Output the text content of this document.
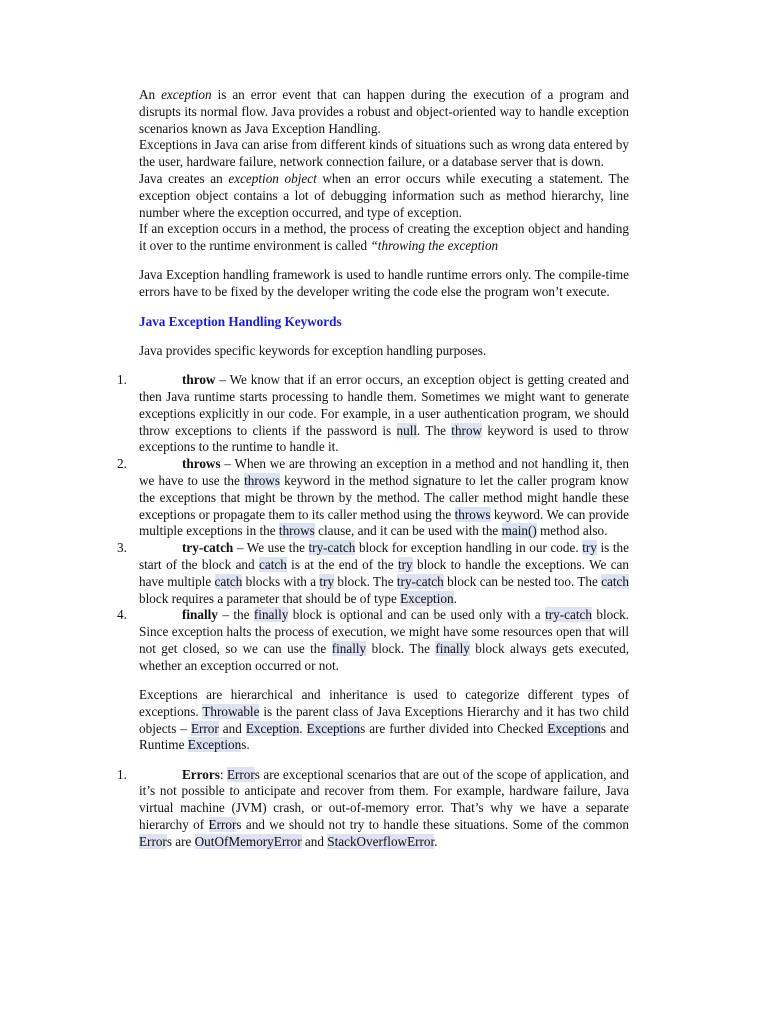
An exception is an error event that can happen during the execution of a program and disrupts its normal flow. Java provides a robust and object-oriented way to handle exception scenarios known as Java Exception Handling.

Exceptions in Java can arise from different kinds of situations such as wrong data entered by the user, hardware failure, network connection failure, or a database server that is down.

Java creates an exception object when an error occurs while executing a statement. The exception object contains a lot of debugging information such as method hierarchy, line number where the exception occurred, and type of exception.

If an exception occurs in a method, the process of creating the exception object and handing it over to the runtime environment is called “throwing the exception

Java Exception handling framework is used to handle runtime errors only. The compile-time errors have to be fixed by the developer writing the code else the program won’t execute.

Java Exception Handling Keywords

Java provides specific keywords for exception handling purposes.

1.	throw – We know that if an error occurs, an exception object is getting created and then Java runtime starts processing to handle them. Sometimes we might want to generate exceptions explicitly in our code. For example, in a user authentication program, we should throw exceptions to clients if the password is null. The throw keyword is used to throw exceptions to the runtime to handle it.
2.	throws – When we are throwing an exception in a method and not handling it, then we have to use the throws keyword in the method signature to let the caller program know the exceptions that might be thrown by the method. The caller method might handle these exceptions or propagate them to its caller method using the throws keyword. We can provide multiple exceptions in the throws clause, and it can be used with the main() method also.
3.	try-catch – We use the try-catch block for exception handling in our code. try is the start of the block and catch is at the end of the try block to handle the exceptions. We can have multiple catch blocks with a try block. The try-catch block can be nested too. The catch block requires a parameter that should be of type Exception.
4.	finally – the finally block is optional and can be used only with a try-catch block. Since exception halts the process of execution, we might have some resources open that will not get closed, so we can use the finally block. The finally block always gets executed, whether an exception occurred or not.

Exceptions are hierarchical and inheritance is used to categorize different types of exceptions. Throwable is the parent class of Java Exceptions Hierarchy and it has two child objects – Error and Exception. Exceptions are further divided into Checked Exceptions and Runtime Exceptions.

1.	Errors: Errors are exceptional scenarios that are out of the scope of application, and it’s not possible to anticipate and recover from them. For example, hardware failure, Java virtual machine (JVM) crash, or out-of-memory error. That’s why we have a separate hierarchy of Errors and we should not try to handle these situations. Some of the common Errors are OutOfMemoryError and StackOverflowError.
